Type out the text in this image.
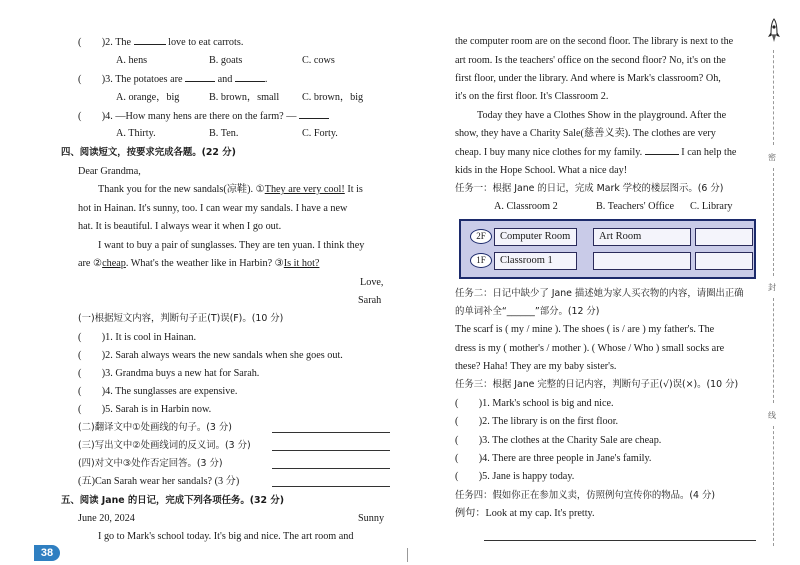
(　　)2. The	love to eat carrots.
A. hens	B. goats	C. cows
(　　)3. The potatoes are	and	.
A. orange，big	B. brown，small C. brown，big
(　　)4. —How many hens are there on the farm? —
A. Thirty.	B. Ten.	C. Forty.
四、阅读短文，按要求完成各题。(22 分)
Dear Grandma,
Thank you for the new sandals(凉鞋). ①They are very cool! It is
hot in Hainan. It's sunny, too. I can wear my sandals. I have a new
hat. It is beautiful. I always wear it when I go out.
I want to buy a pair of sunglasses. They are ten yuan. I think they
are ②cheap. What's the weather like in Harbin? ③Is it hot?
Love,
Sarah
(一)根据短文内容，判断句子正(T)误(F)。(10 分)
(　　)1. It is cool in Hainan.
(　　)2. Sarah always wears the new sandals when she goes out.
(　　)3. Grandma buys a new hat for Sarah.
(　　)4. The sunglasses are expensive.
(　　)5. Sarah is in Harbin now.
(二)翻译文中①处画线的句子。(3 分)
(三)写出文中②处画线词的反义词。(3 分)
(四)对文中③处作否定回答。(3 分)
(五)Can Sarah wear her sandals? (3 分)
五、阅读 Jane 的日记，完成下列各项任务。(32 分)
June 20, 2024	Sunny
I go to Mark's school today. It's big and nice. The art room and
38
the computer room are on the second floor. The library is next to the
art room. Is the teachers' office on the second floor? No, it's on the
first floor, under the library. And where is Mark's classroom? Oh,
it's on the first floor. It's Classroom 2.
Today they have a Clothes Show in the playground. After the
show, they have a Charity Sale(慈善义卖). The clothes are very
cheap. I buy many nice clothes for my family.	I can help the
kids in the Hope School. What a nice day!
任务一：根据 Jane 的日记，完成 Mark 学校的楼层图示。(6 分)
A. Classroom 2	B. Teachers' Office C. Library
2F	Computer Room	Art Room
1F	Classroom 1
任务二：日记中缺少了 Jane 描述她为家人买衣物的内容，请圈出正确
的单词补全“______”部分。(12 分)
The scarf is ( my / mine ). The shoes ( is / are ) my father's. The
dress is my ( mother's / mother ). ( Whose / Who ) small socks are
these? Haha! They are my baby sister's.
任务三：根据 Jane 完整的日记内容，判断句子正(√)误(×)。(10 分)
(　　)1. Mark's school is big and nice.
(　　)2. The library is on the first floor.
(　　)3. The clothes at the Charity Sale are cheap.
(　　)4. There are three people in Jane's family.
(　　)5. Jane is happy today.
任务四：假如你正在参加义卖，仿照例句宣传你的物品。(4 分)
例句：Look at my cap. It's pretty.
密
封
线
